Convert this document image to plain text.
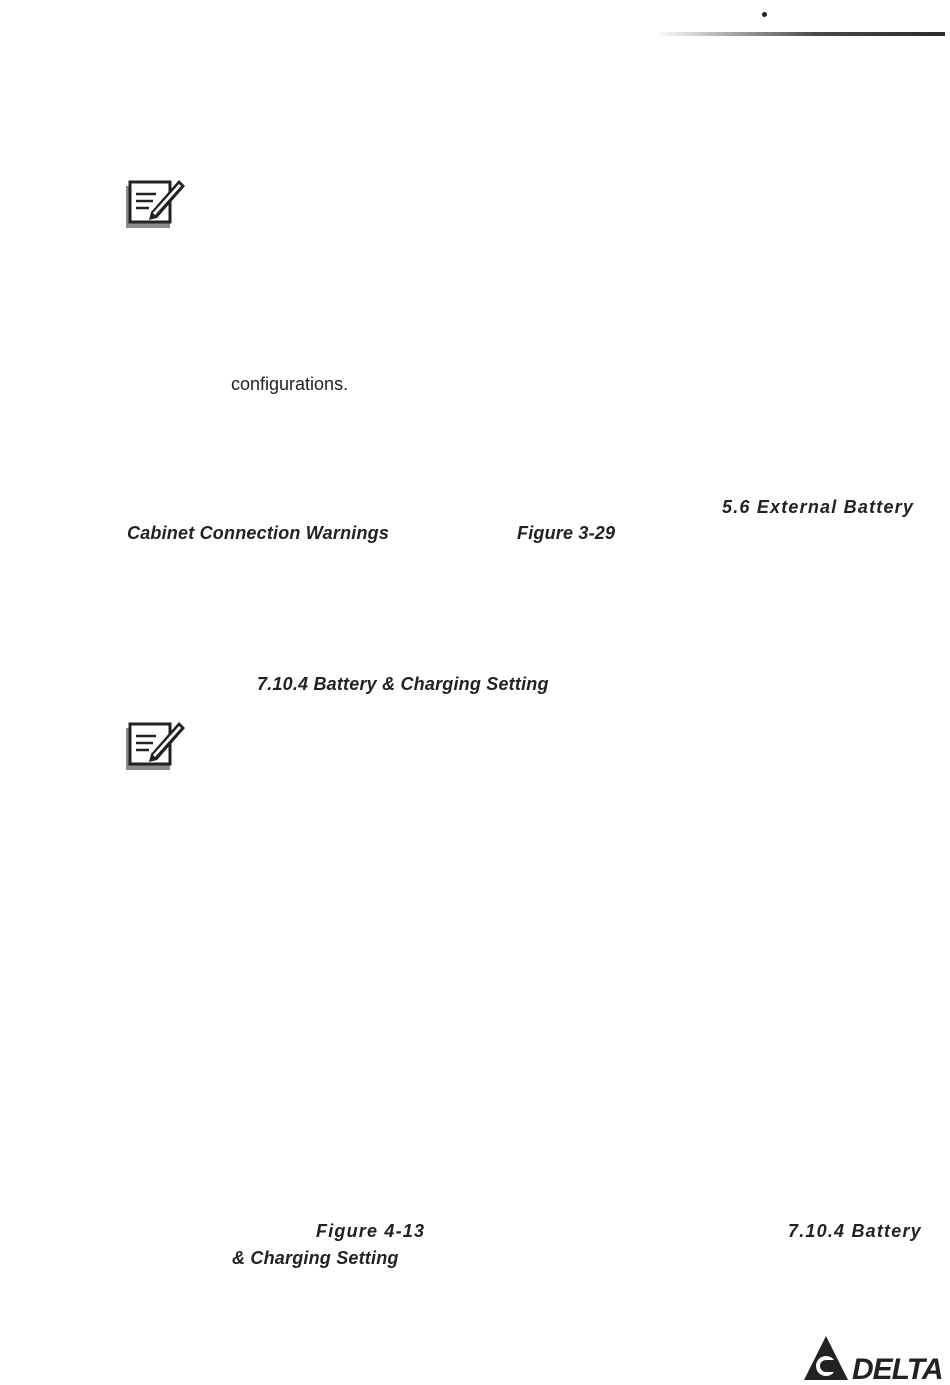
configurations.
5.6 External Battery
Cabinet Connection Warnings	Figure 3-29
7.10.4 Battery & Charging Setting
Figure 4-13	7.10.4 Battery
& Charging Setting
DELTA
